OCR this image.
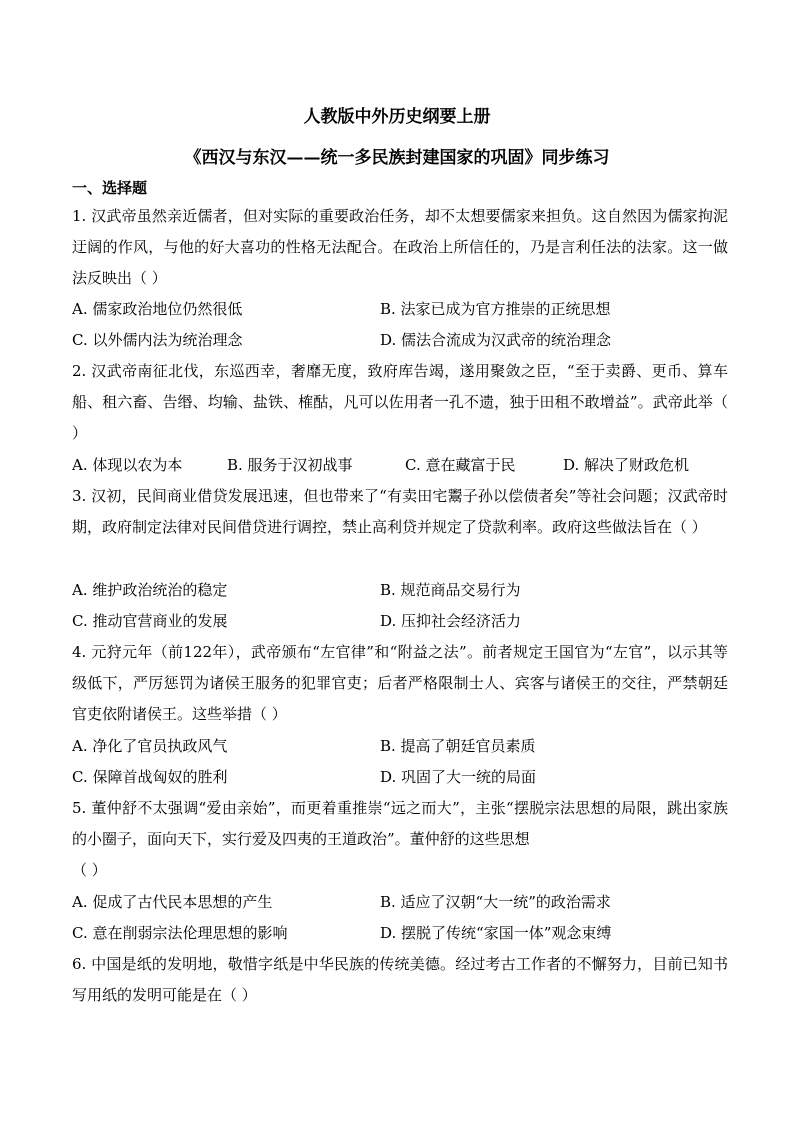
人教版中外历史纲要上册
《西汉与东汉——统一多民族封建国家的巩固》同步练习
一、选择题
1. 汉武帝虽然亲近儒者，但对实际的重要政治任务，却不太想要儒家来担负。这自然因为儒家拘泥迂阔的作风，与他的好大喜功的性格无法配合。在政治上所信任的，乃是言利任法的法家。这一做法反映出（ ）
A. 儒家政治地位仍然很低	B. 法家已成为官方推崇的正统思想
C. 以外儒内法为统治理念	D. 儒法合流成为汉武帝的统治理念
2. 汉武帝南征北伐，东巡西幸，奢靡无度，致府库告竭，遂用聚敛之臣，“至于卖爵、更币、算车船、租六畜、告缗、均输、盐铁、榷酤，凡可以佐用者一孔不遗，独于田租不敢增益”。武帝此举（ ）
A. 体现以农为本	B. 服务于汉初战事	C. 意在藏富于民	D. 解决了财政危机
3. 汉初，民间商业借贷发展迅速，但也带来了“有卖田宅鬻子孙以偿债者矣”等社会问题；汉武帝时期，政府制定法律对民间借贷进行调控，禁止高利贷并规定了贷款利率。政府这些做法旨在（ ）
A. 维护政治统治的稳定	B. 规范商品交易行为
C. 推动官营商业的发展	D. 压抑社会经济活力
4. 元狩元年（前122年），武帝颁布“左官律”和“附益之法”。前者规定王国官为“左官”，以示其等级低下，严厉惩罚为诸侯王服务的犯罪官吏；后者严格限制士人、宾客与诸侯王的交往，严禁朝廷官吏依附诸侯王。这些举措（ ）
A. 净化了官员执政风气	B. 提高了朝廷官员素质
C. 保障首战匈奴的胜利	D. 巩固了大一统的局面
5. 董仲舒不太强调“爱由亲始”，而更着重推崇“远之而大”，主张“摆脱宗法思想的局限，跳出家族的小圈子，面向天下，实行爱及四夷的王道政治”。董仲舒的这些思想
（ ）
A. 促成了古代民本思想的产生	B. 适应了汉朝“大一统”的政治需求
C. 意在削弱宗法伦理思想的影响	D. 摆脱了传统“家国一体”观念束缚
6. 中国是纸的发明地，敬惜字纸是中华民族的传统美德。经过考古工作者的不懈努力，目前已知书写用纸的发明可能是在（ ）
